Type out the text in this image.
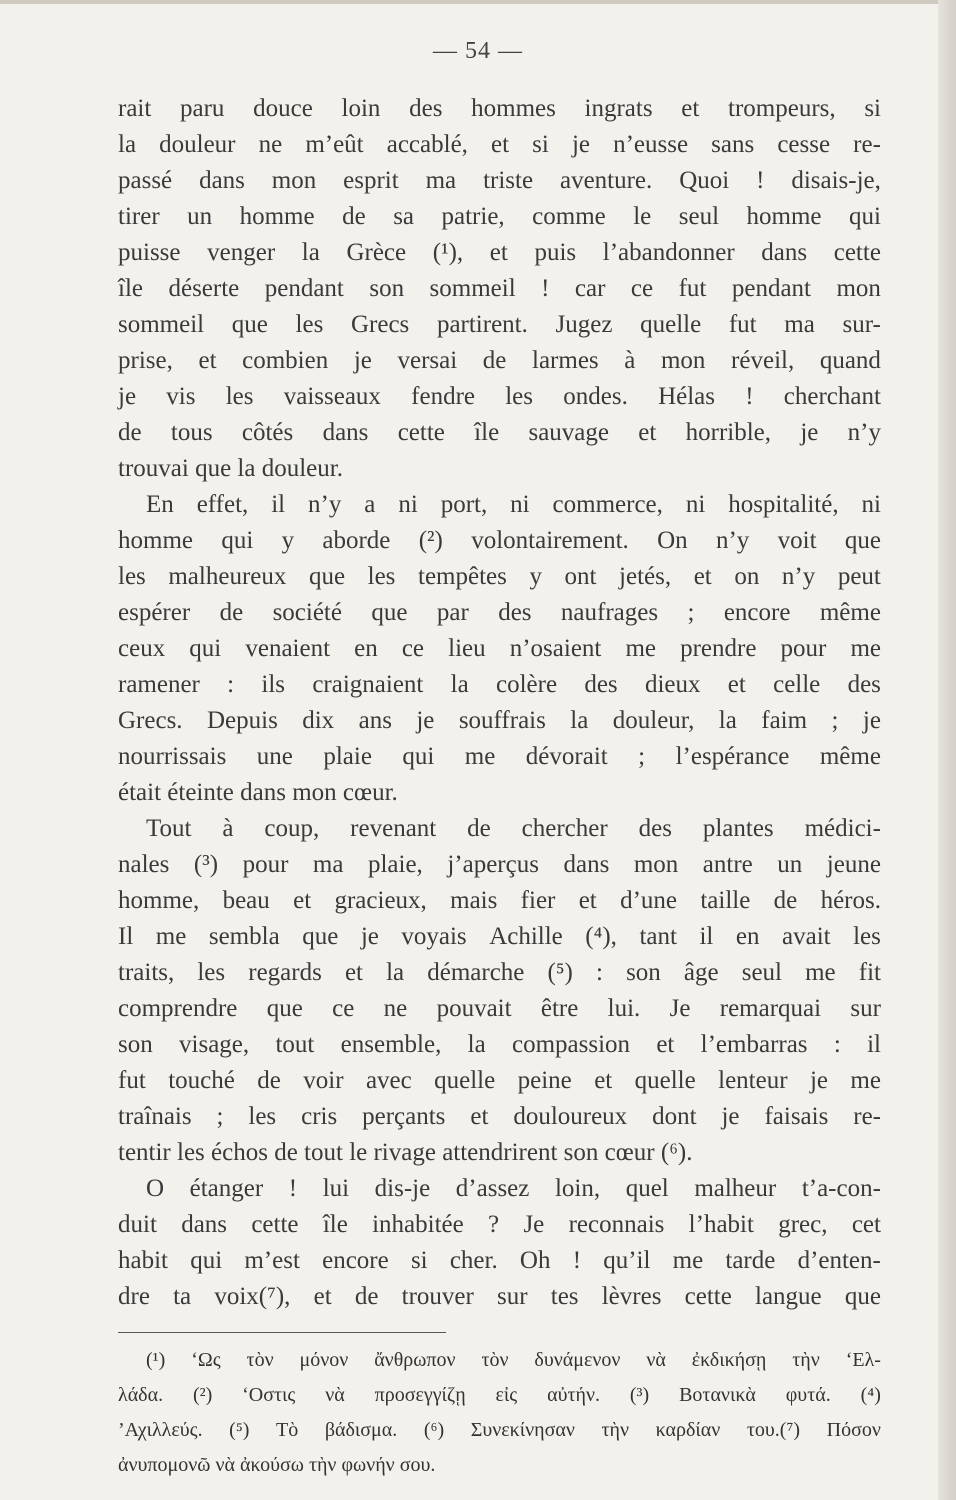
— 54 —
rait paru douce loin des hommes ingrats et trompeurs, si
la douleur ne m’eût accablé, et si je n’eusse sans cesse re-
passé dans mon esprit ma triste aventure. Quoi ! disais-je,
tirer un homme de sa patrie, comme le seul homme qui
puisse venger la Grèce (¹), et puis l’abandonner dans cette
île déserte pendant son sommeil ! car ce fut pendant mon
sommeil que les Grecs partirent. Jugez quelle fut ma sur-
prise, et combien je versai de larmes à mon réveil, quand
je vis les vaisseaux fendre les ondes. Hélas ! cherchant
de tous côtés dans cette île sauvage et horrible, je n’y
trouvai que la douleur.
En effet, il n’y a ni port, ni commerce, ni hospitalité, ni
homme qui y aborde (²) volontairement. On n’y voit que
les malheureux que les tempêtes y ont jetés, et on n’y peut
espérer de société que par des naufrages ; encore même
ceux qui venaient en ce lieu n’osaient me prendre pour me
ramener : ils craignaient la colère des dieux et celle des
Grecs. Depuis dix ans je souffrais la douleur, la faim ; je
nourrissais une plaie qui me dévorait ; l’espérance même
était éteinte dans mon cœur.
Tout à coup, revenant de chercher des plantes médici-
nales (³) pour ma plaie, j’aperçus dans mon antre un jeune
homme, beau et gracieux, mais fier et d’une taille de héros.
Il me sembla que je voyais Achille (⁴), tant il en avait les
traits, les regards et la démarche (⁵) : son âge seul me fit
comprendre que ce ne pouvait être lui. Je remarquai sur
son visage, tout ensemble, la compassion et l’embarras : il
fut touché de voir avec quelle peine et quelle lenteur je me
traînais ; les cris perçants et douloureux dont je faisais re-
tentir les échos de tout le rivage attendrirent son cœur (⁶).
O étanger ! lui dis-je d’assez loin, quel malheur t’a-con-
duit dans cette île inhabitée ? Je reconnais l’habit grec, cet
habit qui m’est encore si cher. Oh ! qu’il me tarde d’enten-
dre ta voix(⁷), et de trouver sur tes lèvres cette langue que
(¹) ‘Ως τὸν μόνον ἄνθρωπον τὸν δυνάμενον νὰ ἐκδικήσῃ τὴν ‘Ελ-
λάδα. (²) ‘Οστις νὰ προσεγγίζῃ εἰς αὐτήν. (³) Βοτανικὰ φυτά. (⁴)
’Αχιλλεύς. (⁵) Τὸ βάδισμα. (⁶) Συνεκίνησαν τὴν καρδίαν του.(⁷) Πόσον
ἀνυπομονῶ νὰ ἀκούσω τὴν φωνήν σου.
